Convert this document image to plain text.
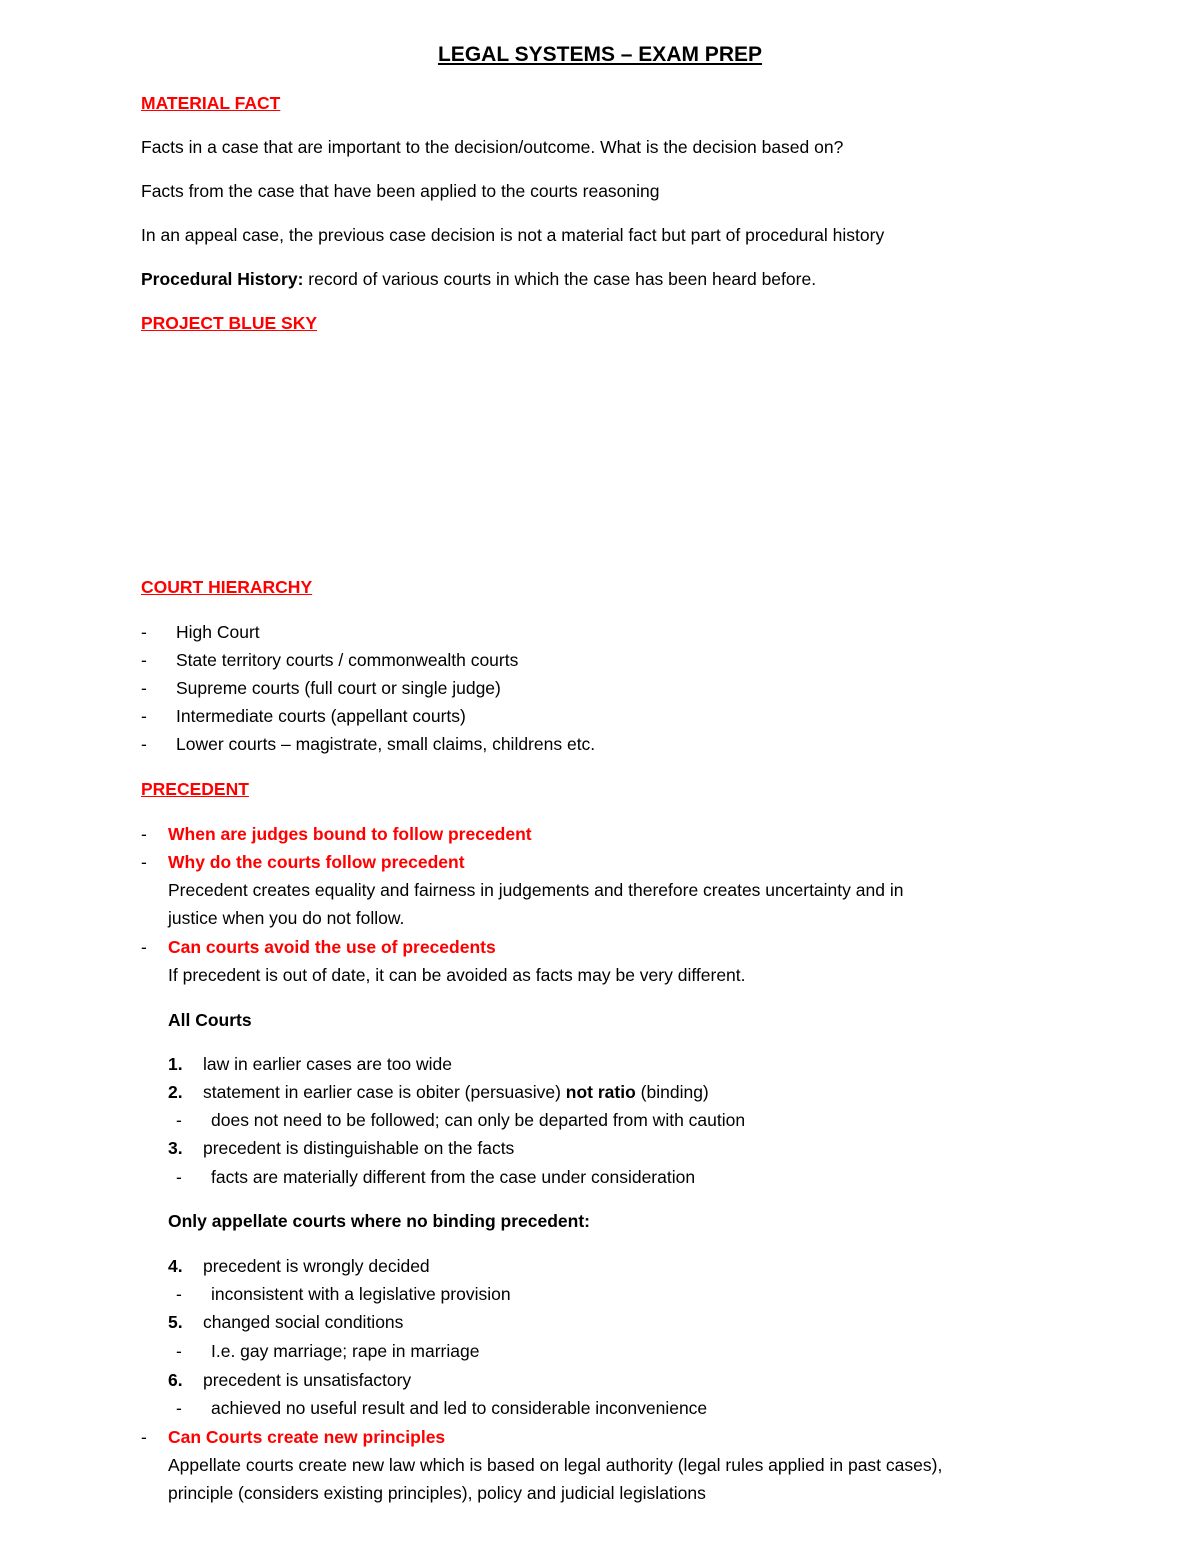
LEGAL SYSTEMS – EXAM PREP
MATERIAL FACT
Facts in a case that are important to the decision/outcome. What is the decision based on?
Facts from the case that have been applied to the courts reasoning
In an appeal case, the previous case decision is not a material fact but part of procedural history
Procedural History: record of various courts in which the case has been heard before.
PROJECT BLUE SKY
COURT HIERARCHY
- High Court
- State territory courts / commonwealth courts
- Supreme courts (full court or single judge)
- Intermediate courts (appellant courts)
- Lower courts – magistrate, small claims, childrens etc.
PRECEDENT
- When are judges bound to follow precedent
- Why do the courts follow precedent
Precedent creates equality and fairness in judgements and therefore creates uncertainty and in
justice when you do not follow.
- Can courts avoid the use of precedents
If precedent is out of date, it can be avoided as facts may be very different.
All Courts
1. law in earlier cases are too wide
2. statement in earlier case is obiter (persuasive) not ratio (binding)
- does not need to be followed; can only be departed from with caution
3. precedent is distinguishable on the facts
- facts are materially different from the case under consideration
Only appellate courts where no binding precedent:
4. precedent is wrongly decided
- inconsistent with a legislative provision
5. changed social conditions
- I.e. gay marriage; rape in marriage
6. precedent is unsatisfactory
- achieved no useful result and led to considerable inconvenience
- Can Courts create new principles
Appellate courts create new law which is based on legal authority (legal rules applied in past cases),
principle (considers existing principles), policy and judicial legislations
